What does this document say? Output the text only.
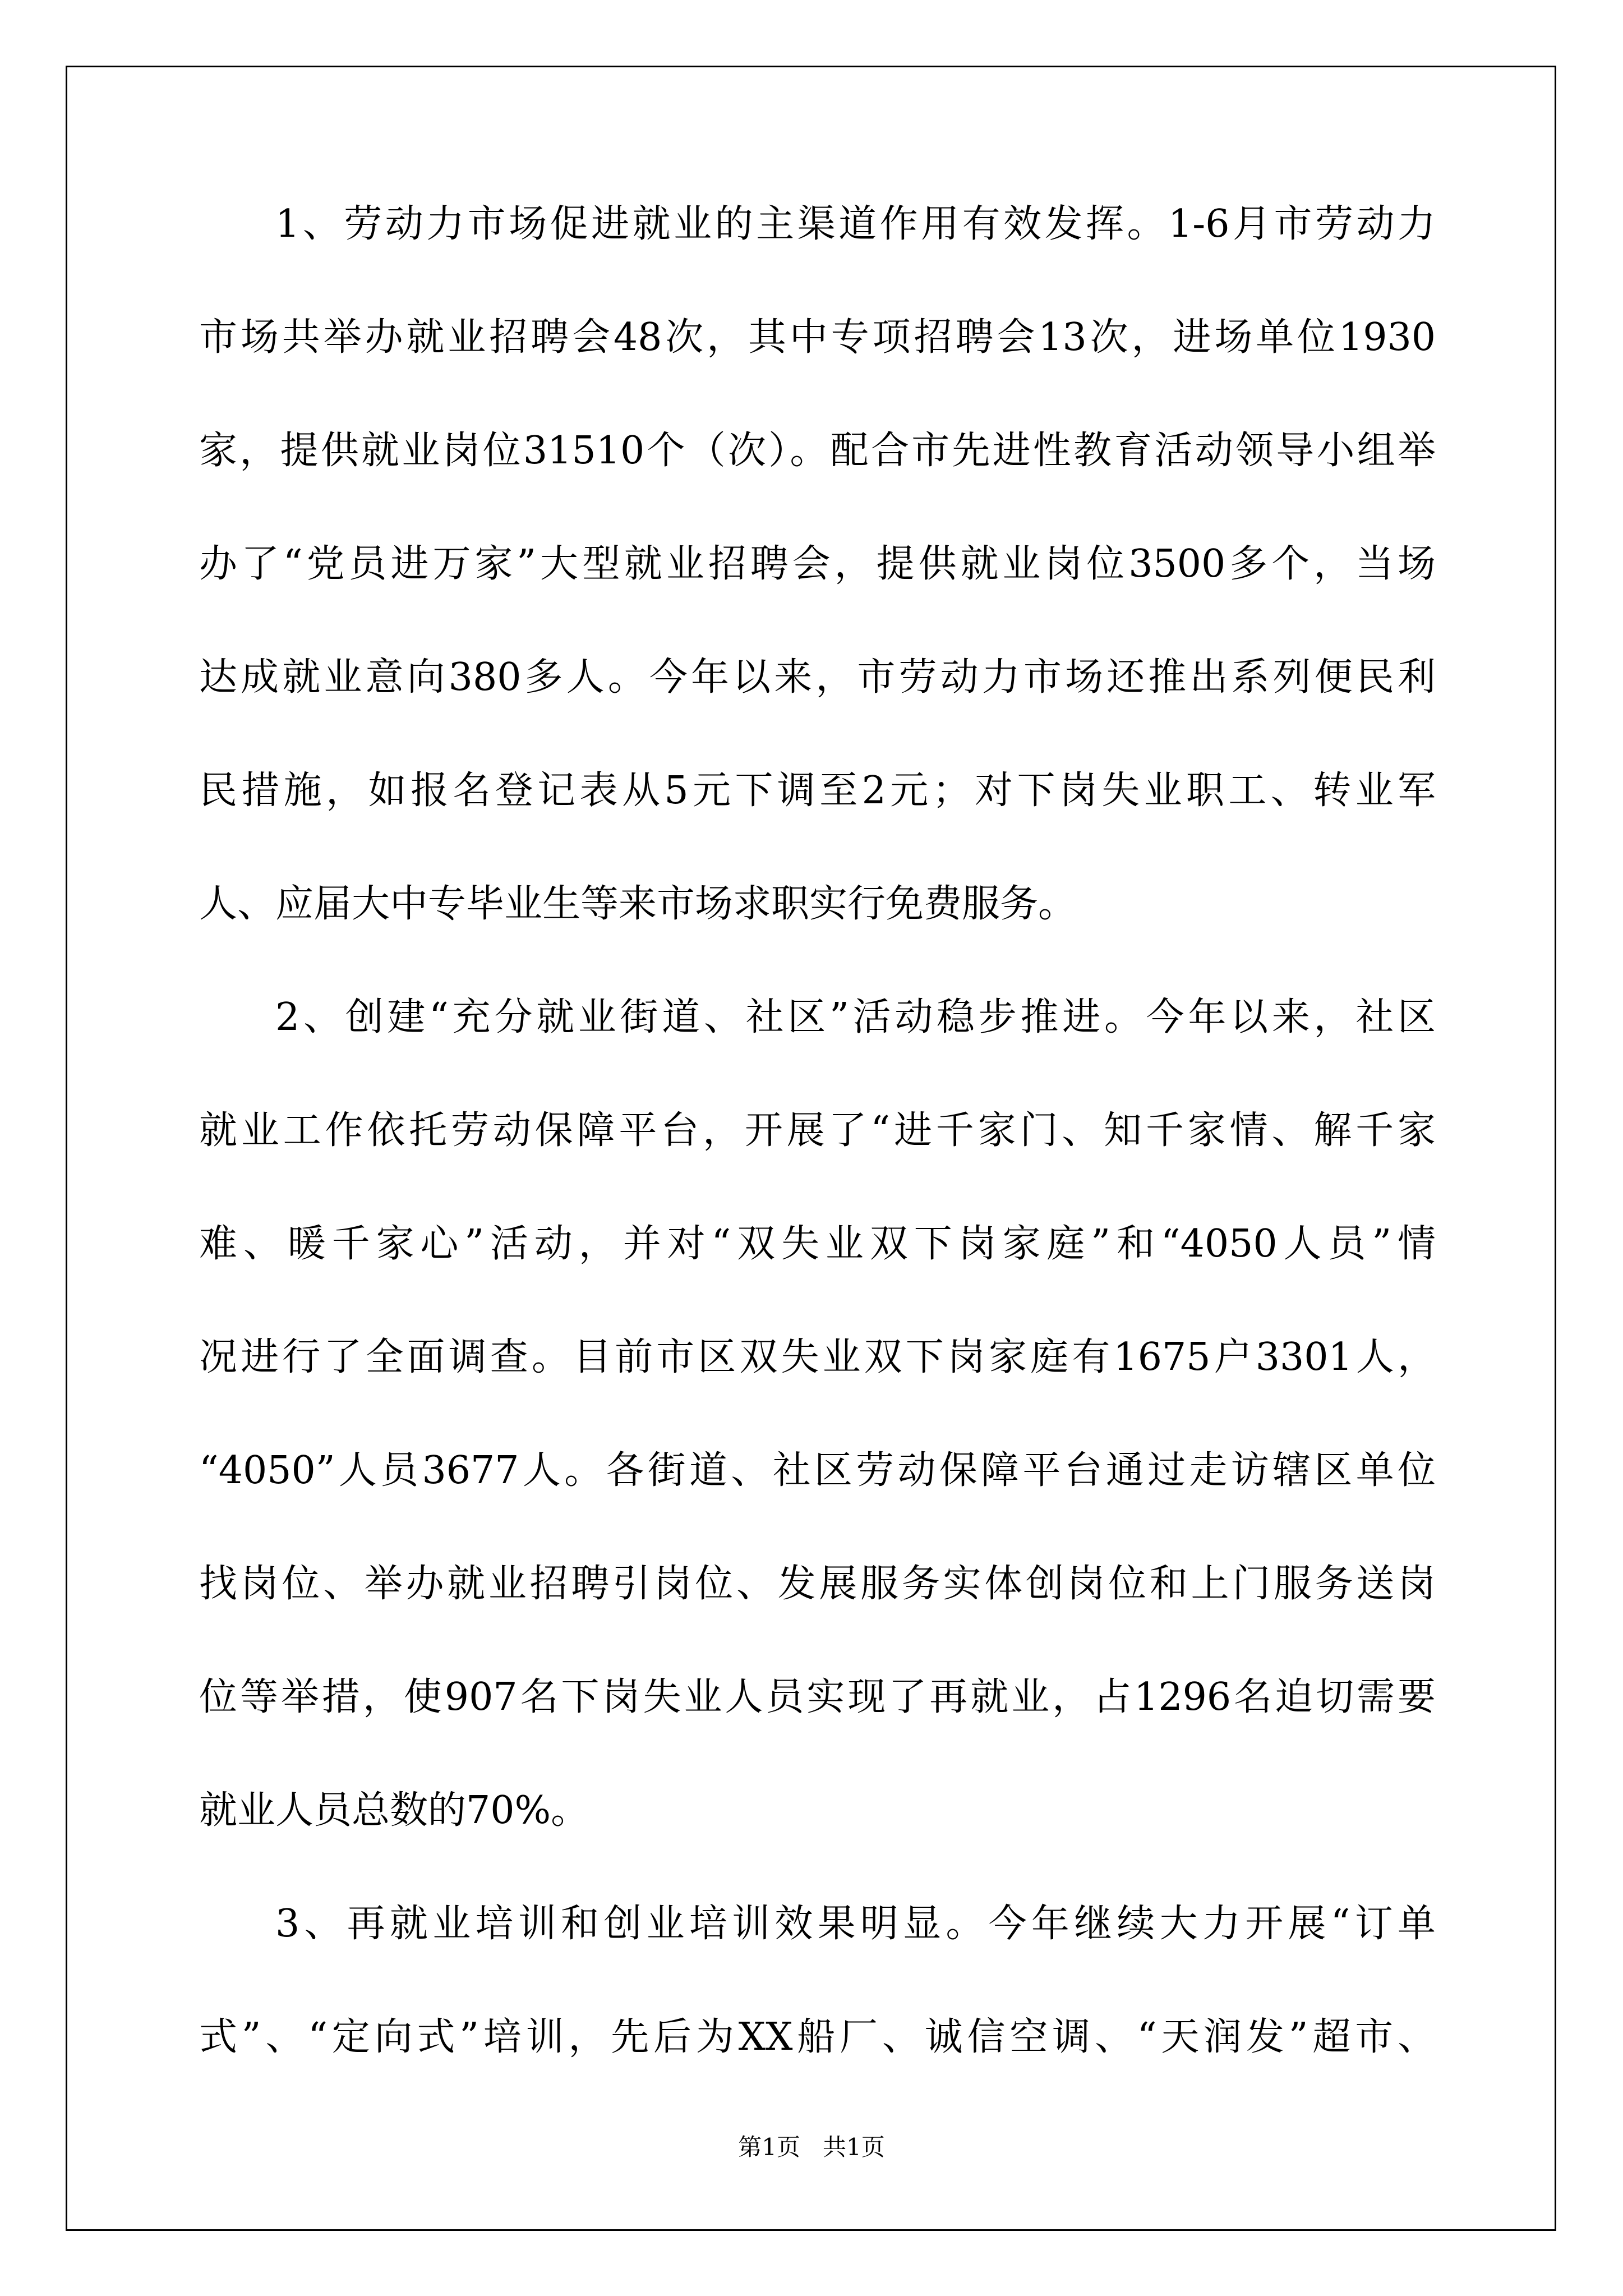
1、劳动力市场促进就业的主渠道作用有效发挥。1-6月市劳动力
市场共举办就业招聘会48次，其中专项招聘会13次，进场单位1930
家，提供就业岗位31510个（次）。配合市先进性教育活动领导小组举
办了“党员进万家”大型就业招聘会，提供就业岗位3500多个，当场
达成就业意向380多人。今年以来，市劳动力市场还推出系列便民利
民措施，如报名登记表从5元下调至2元；对下岗失业职工、转业军
人、应届大中专毕业生等来市场求职实行免费服务。
2、创建“充分就业街道、社区”活动稳步推进。今年以来，社区
就业工作依托劳动保障平台，开展了“进千家门、知千家情、解千家
难、暖千家心”活动，并对“双失业双下岗家庭”和“4050人员”情
况进行了全面调查。目前市区双失业双下岗家庭有1675户3301人，
“4050”人员3677人。各街道、社区劳动保障平台通过走访辖区单位
找岗位、举办就业招聘引岗位、发展服务实体创岗位和上门服务送岗
位等举措，使907名下岗失业人员实现了再就业，占1296名迫切需要
就业人员总数的70%。
3、再就业培训和创业培训效果明显。今年继续大力开展“订单
式”、“定向式”培训，先后为XX船厂、诚信空调、“天润发”超市、
第1页 共1页
